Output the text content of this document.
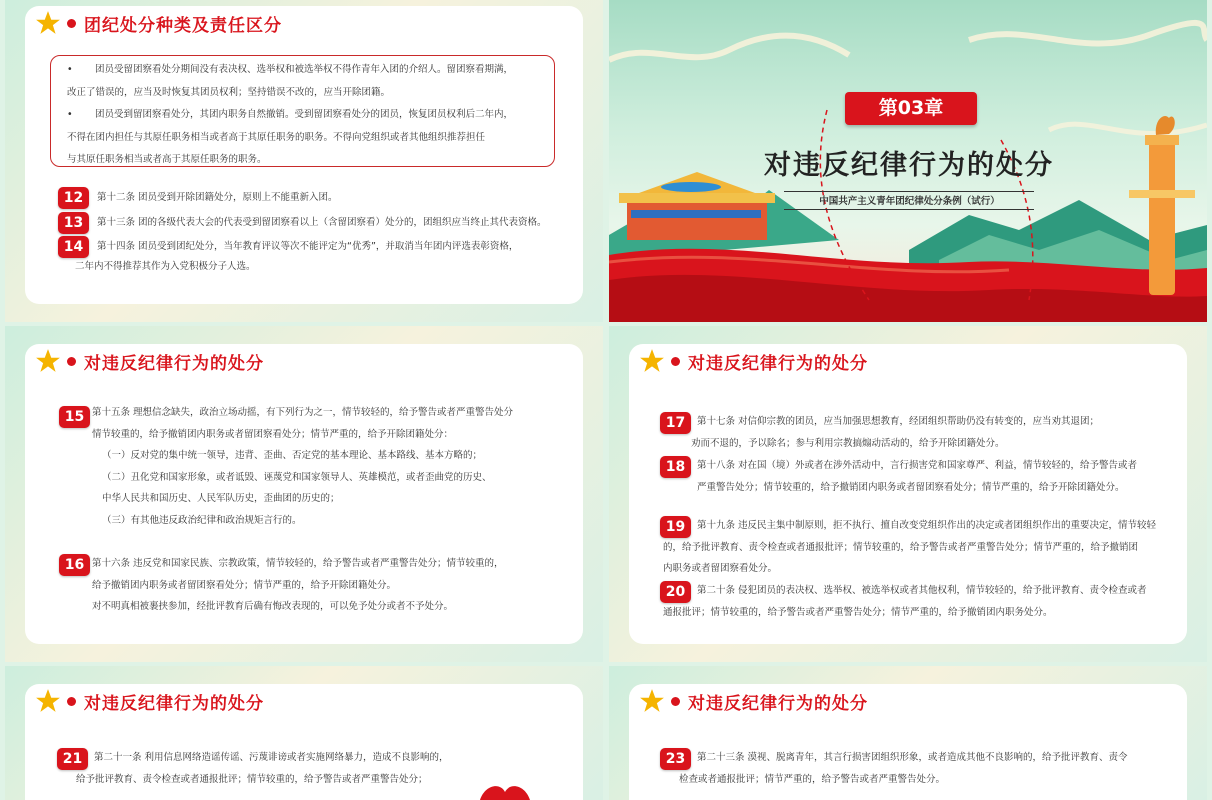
团纪处分种类及责任区分
• 团员受留团察看处分期间没有表决权、选举权和被选举权不得作青年入团的介绍人。留团察看期满，
改正了错误的，应当及时恢复其团员权利；坚持错误不改的，应当开除团籍。
• 团员受到留团察看处分，其团内职务自然撤销。受到留团察看处分的团员，恢复团员权利后二年内，
不得在团内担任与其原任职务相当或者高于其原任职务的职务。不得向党组织或者其他组织推荐担任
与其原任职务相当或者高于其原任职务的职务。
12	第十二条 团员受到开除团籍处分，原则上不能重新入团。
13	第十三条 团的各级代表大会的代表受到留团察看以上（含留团察看）处分的，团组织应当终止其代表资格。
14	第十四条 团员受到团纪处分，当年教育评议等次不能评定为“优秀”，并取消当年团内评选表彰资格，
二年内不得推荐其作为入党积极分子人选。
第03章
对违反纪律行为的处分
中国共产主义青年团纪律处分条例（试行）
对违反纪律行为的处分
15 第十五条 理想信念缺失，政治立场动摇，有下列行为之一，情节较轻的，给予警告或者严重警告处分
情节较重的，给予撤销团内职务或者留团察看处分；情节严重的，给予开除团籍处分：
（一）反对党的集中统一领导，违背、歪曲、否定党的基本理论、基本路线、基本方略的；
（二）丑化党和国家形象，或者诋毁、诬蔑党和国家领导人、英雄模范，或者歪曲党的历史、
中华人民共和国历史、人民军队历史，歪曲团的历史的；
（三）有其他违反政治纪律和政治规矩言行的。
16 第十六条 违反党和国家民族、宗教政策，情节较轻的，给予警告或者严重警告处分；情节较重的，
给予撤销团内职务或者留团察看处分；情节严重的，给予开除团籍处分。
对不明真相被裹挟参加，经批评教育后确有悔改表现的，可以免予处分或者不予处分。
对违反纪律行为的处分
17	第十七条 对信仰宗教的团员，应当加强思想教育，经团组织帮助仍没有转变的，应当劝其退团；
劝而不退的，予以除名；参与利用宗教搞煽动活动的，给予开除团籍处分。
18	第十八条 对在国（境）外或者在涉外活动中，言行损害党和国家尊严、利益，情节较轻的，给予警告或者
严重警告处分；情节较重的，给予撤销团内职务或者留团察看处分；情节严重的，给予开除团籍处分。
19	第十九条 违反民主集中制原则，拒不执行、擅自改变党组织作出的决定或者团组织作出的重要决定，情节较轻
的，给予批评教育、责令检查或者通报批评；情节较重的，给予警告或者严重警告处分；情节严重的，给予撤销团
内职务或者留团察看处分。
20	第二十条 侵犯团员的表决权、选举权、被选举权或者其他权利，情节较轻的，给予批评教育、责令检查或者
通报批评；情节较重的，给予警告或者严重警告处分；情节严重的，给予撤销团内职务处分。
对违反纪律行为的处分
21	第二十一条 利用信息网络造谣传谣、污蔑诽谤或者实施网络暴力，造成不良影响的，
给予批评教育、责令检查或者通报批评；情节较重的，给予警告或者严重警告处分；
对违反纪律行为的处分
23	第二十三条 漠视、脱离青年，其言行损害团组织形象，或者造成其他不良影响的，给予批评教育、责令
检查或者通报批评；情节严重的，给予警告或者严重警告处分。
